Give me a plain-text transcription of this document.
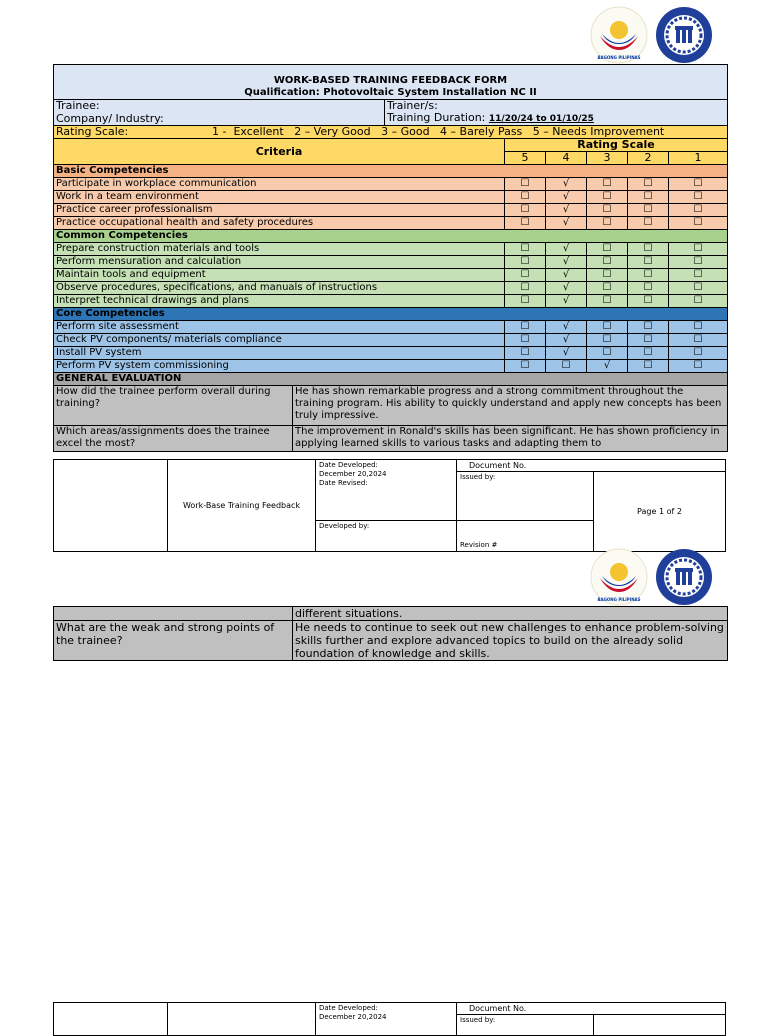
BAGONG PILIPINAS
WORK-BASED TRAINING FEEDBACK FORM
Qualification: Photovoltaic System Installation NC II							

Trainee:		Trainer/s:					
Company/ Industry:		Training Duration: 11/20/24 to 01/10/25					
Rating Scale: 1 -  Excellent   2 – Very Good   3 – Good   4 – Barely Pass   5 – Needs Improvement							
Criteria			Rating Scale				
			5	4	3	2	1
Basic Competencies							
Participate in workplace communication			☐	√	☐	☐	☐
Work in a team environment			☐	√	☐	☐	☐
Practice career professionalism			☐	√	☐	☐	☐
Practice occupational health and safety procedures			☐	√	☐	☐	☐
Common Competencies							
Prepare construction materials and tools			☐	√	☐	☐	☐
Perform mensuration and calculation			☐	√	☐	☐	☐
Maintain tools and equipment			☐	√	☐	☐	☐
Observe procedures, specifications, and manuals of instructions			☐	√	☐	☐	☐
Interpret technical drawings and plans			☐	√	☐	☐	☐
Core Competencies							
Perform site assessment			☐	√	☐	☐	☐
Check PV components/ materials compliance			☐	√	☐	☐	☐
Install PV system			☐	√	☐	☐	☐
Perform PV system commissioning			☐	☐	√	☐	☐
GENERAL EVALUATION							
How did the trainee perform overall during training?	He has shown remarkable progress and a strong commitment throughout the training program. His ability to quickly understand and apply new concepts has been truly impressive.						
Which areas/assignments does the trainee excel the most?	The improvement in Ronald's skills has been significant. He has shown proficiency in applying learned skills to various tasks and adapting them to						
	Work-Base Training Feedback	Date Developed:
December 20,2024
Date Revised:	Document No.	
			Issued by:	Page 1 of 2
		Developed by:	Revision #	
BAGONG PILIPINAS
	different situations.
What are the weak and strong points of the trainee?	He needs to continue to seek out new challenges to enhance problem-solving skills further and explore advanced topics to build on the already solid foundation of knowledge and skills.

		Date Developed:
December 20,2024	Document No.	
			Issued by:	
